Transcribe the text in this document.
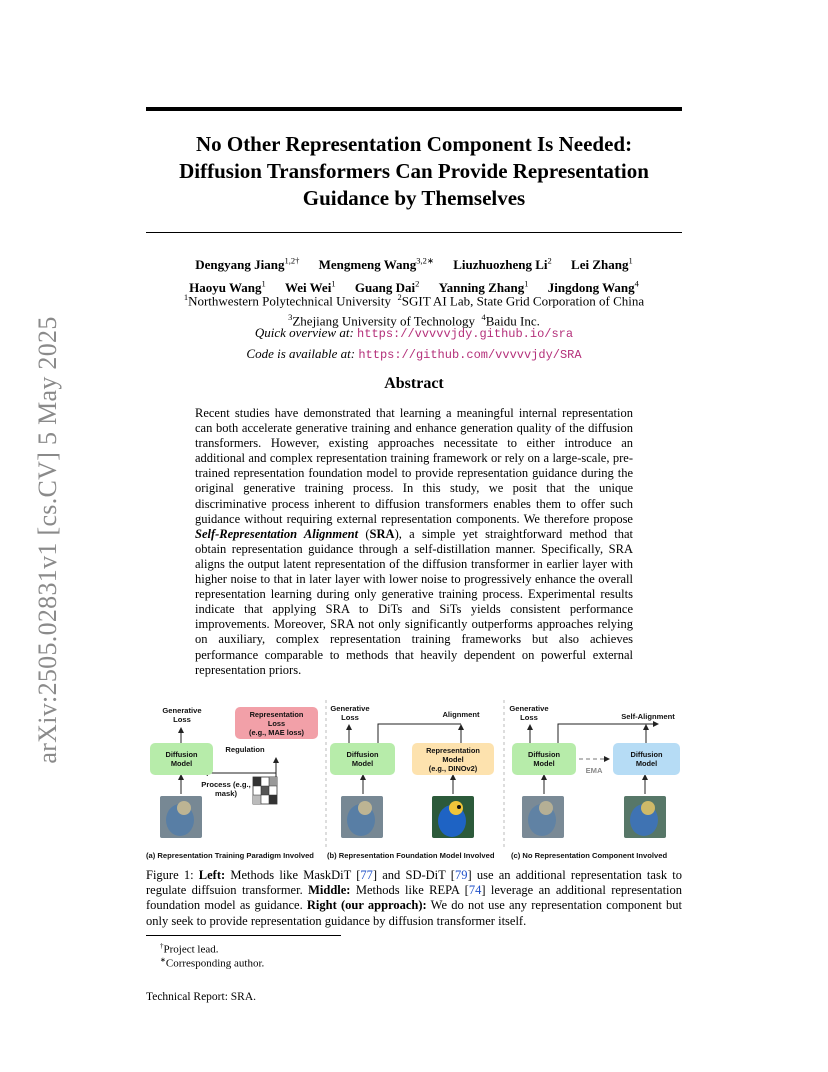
No Other Representation Component Is Needed:
Diffusion Transformers Can Provide Representation
Guidance by Themselves
arXiv:2505.02831v1 [cs.CV] 5 May 2025
Dengyang Jiang$^{1,2\dagger}$ Mengmeng Wang$^{3,2∗}$ Liuzhuozheng Li$^2$ Lei Zhang$^1$
Haoyu Wang$^1$ Wei Wei$^1$ Guang Dai$^2$ Yanning Zhang$^1$ Jingdong Wang$^4$
$^1$Northwestern Polytechnical University $^2$SGIT AI Lab, State Grid Corporation of China
$^3$Zhejiang University of Technology $^4$Baidu Inc.
Quick overview at: https://vvvvvjdy.github.io/sra
Code is available at: https://github.com/vvvvvjdy/SRA
Abstract
Recent studies have demonstrated that learning a meaningful internal representation can both accelerate generative training and enhance generation quality of the diffusion transformers. However, existing approaches necessitate to either introduce an additional and complex representation training framework or rely on a large-scale, pre-trained representation foundation model to provide representation guidance during the original generative training process. In this study, we posit that the unique discriminative process inherent to diffusion transformers enables them to offer such guidance without requiring external representation components. We therefore propose Self-Representation Alignment (SRA), a simple yet straightforward method that obtain representation guidance through a self-distillation manner. Specifically, SRA aligns the output latent representation of the diffusion transformer in earlier layer with higher noise to that in later layer with lower noise to progressively enhance the overall representation learning during only generative training process. Experimental results indicate that applying SRA to DiTs and SiTs yields consistent performance improvements. Moreover, SRA not only significantly outperforms approaches relying on auxiliary, complex representation training frameworks but also achieves performance comparable to methods that heavily dependent on powerful external representation priors.
Generative Loss
Representation
Loss
(e.g., MAE loss)
Regulation
Diffusion Model
Process (e.g., mask)
Generative Loss	Alignment
Diffusion Model
Representation
Model
(e.g., DINOv2)
Generative Loss	Self-Alignment
Diffusion Model
Diffusion Model
EMA
(a) Representation Training Paradigm Involved (b) Representation Foundation Model Involved (c) No Representation Component Involved
Figure 1: Left: Methods like MaskDiT [77] and SD-DiT [79] use an additional representation task to regulate diffsuion transformer. Middle: Methods like REPA [74] leverage an additional representation foundation model as guidance. Right (our approach): We do not use any representation component but only seek to provide representation guidance by diffusion transformer itself.
†Project lead.
∗Corresponding author.
Technical Report: SRA.
